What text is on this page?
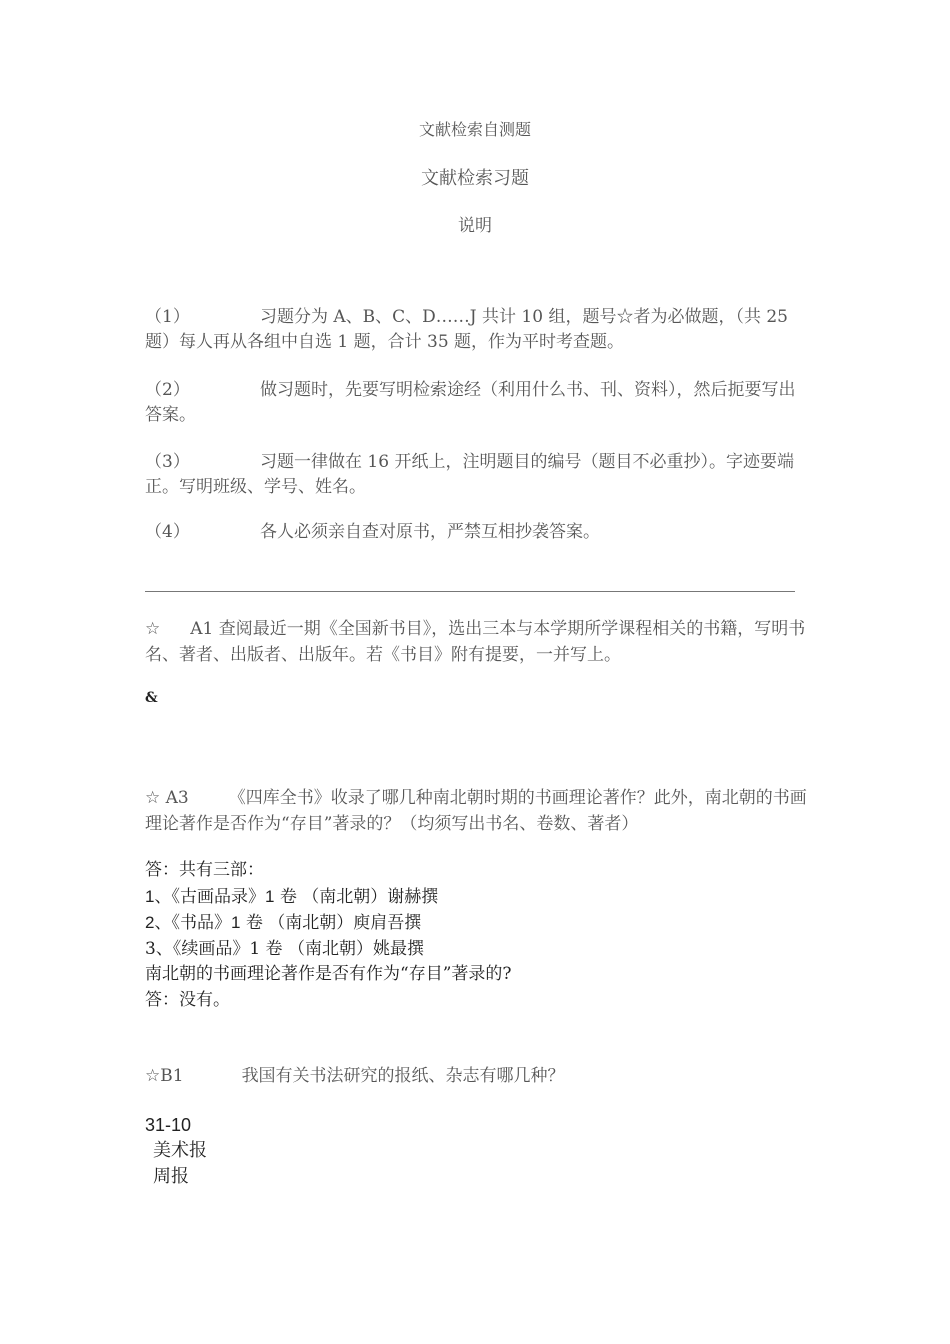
文献检索自测题
文献检索习题
说明
（1）	习题分为 A、B、C、D……J 共计 10 组，题号☆者为必做题，（共 25 题）每人再从各组中自选 1 题，合计 35 题，作为平时考查题。
（2）	做习题时，先要写明检索途经（利用什么书、刊、资料），然后扼要写出答案。
（3）	习题一律做在 16 开纸上，注明题目的编号（题目不必重抄）。字迹要端正。写明班级、学号、姓名。
（4）	各人必须亲自查对原书，严禁互相抄袭答案。
☆ A1 查阅最近一期《全国新书目》，选出三本与本学期所学课程相关的书籍，写明书名、著者、出版者、出版年。若《书目》附有提要，一并写上。
&
☆ A3 《四库全书》收录了哪几种南北朝时期的书画理论著作？此外，南北朝的书画理论著作是否作为“存目”著录的？（均须写出书名、卷数、著者）
答：共有三部：
1、《古画品录》1 卷 （南北朝）谢赫撰
2、《书品》1 卷 （南北朝）庾肩吾撰
3、《续画品》1 卷 （南北朝）姚最撰
南北朝的书画理论著作是否有作为“存目”著录的?
答：没有。
☆B1	我国有关书法研究的报纸、杂志有哪几种？
31-10
美术报
周报
